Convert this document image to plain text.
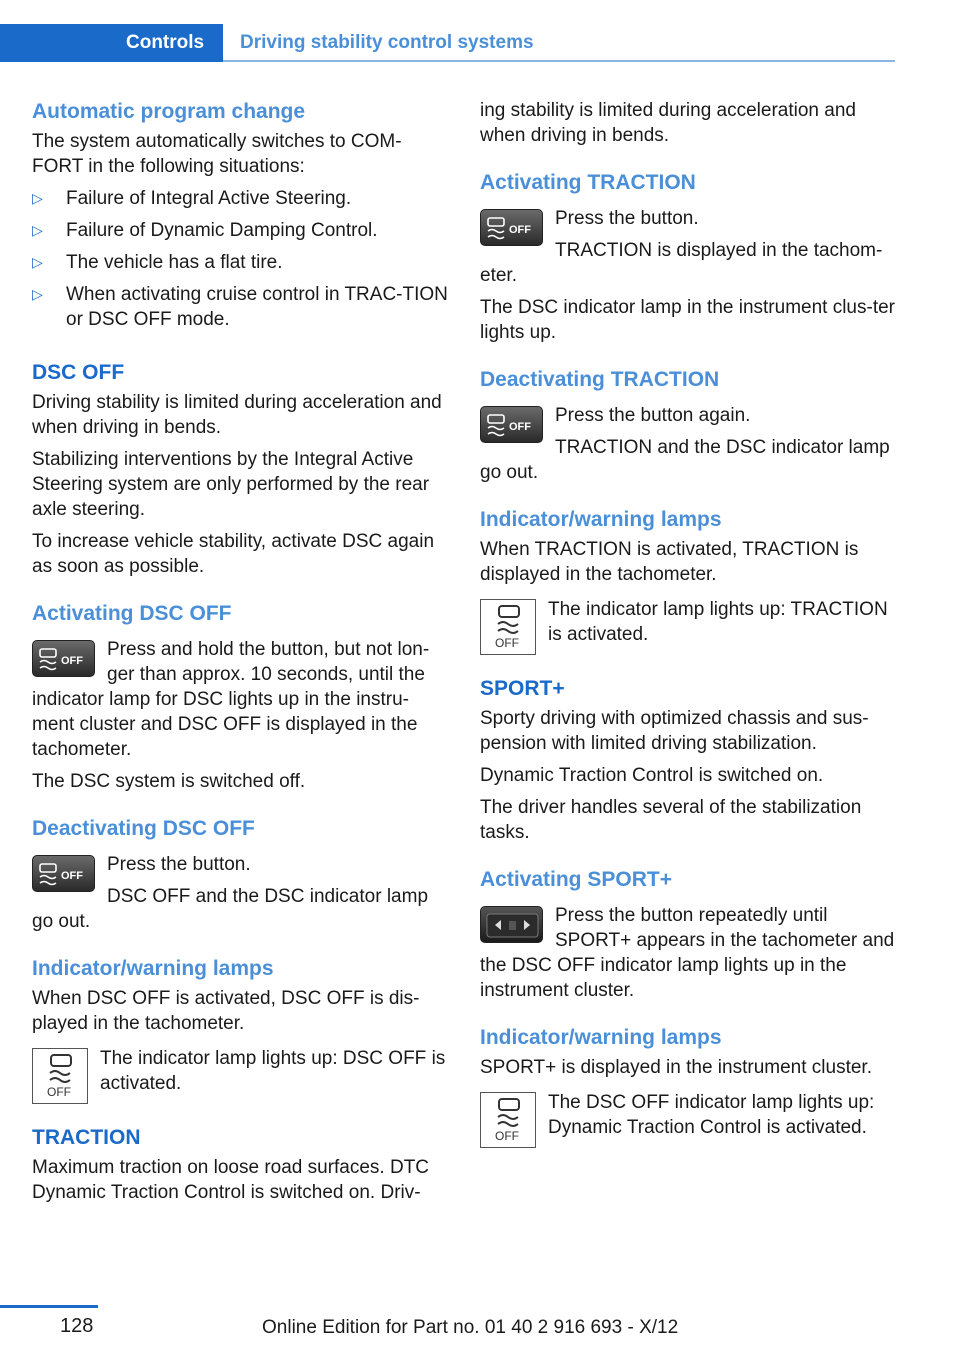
Controls	Driving stability control systems
Automatic program change

The system automatically switches to COM‐FORT in the following situations:

▷ Failure of Integral Active Steering.
▷ Failure of Dynamic Damping Control.
▷ The vehicle has a flat tire.
▷ When activating cruise control in TRAC‐TION or DSC OFF mode.
DSC OFF

Driving stability is limited during acceleration and when driving in bends.

Stabilizing interventions by the Integral Active Steering system are only performed by the rear axle steering.

To increase vehicle stability, activate DSC again as soon as possible.

Activating DSC OFF
OFF

Press and hold the button, but not lon‐ger than approx. 10 seconds, until the indicator lamp for DSC lights up in the instru‐ment cluster and DSC OFF is displayed in the tachometer.

The DSC system is switched off.

Deactivating DSC OFF
OFF

Press the button.

DSC OFF and the DSC indicator lamp go out.

Indicator/warning lamps

When DSC OFF is activated, DSC OFF is dis‐played in the tachometer.

OFF

The indicator lamp lights up: DSC OFF is activated.

TRACTION

Maximum traction on loose road surfaces. DTC Dynamic Traction Control is switched on. Driv‐

ing stability is limited during acceleration and when driving in bends.

Activating TRACTION
OFF

Press the button.

TRACTION is displayed in the tachom‐eter.

The DSC indicator lamp in the instrument clus‐ter lights up.

Deactivating TRACTION
OFF

Press the button again.

TRACTION and the DSC indicator lamp go out.

Indicator/warning lamps

When TRACTION is activated, TRACTION is displayed in the tachometer.

OFF

The indicator lamp lights up: TRACTION is activated.

SPORT+

Sporty driving with optimized chassis and sus‐pension with limited driving stabilization.

Dynamic Traction Control is switched on.

The driver handles several of the stabilization tasks.

Activating SPORT+

Press the button repeatedly until SPORT+ appears in the tachometer and the DSC OFF indicator lamp lights up in the instrument cluster.

Indicator/warning lamps

SPORT+ is displayed in the instrument cluster.

OFF

The DSC OFF indicator lamp lights up: Dynamic Traction Control is activated.

128	Online Edition for Part no. 01 40 2 916 693 - X/12
